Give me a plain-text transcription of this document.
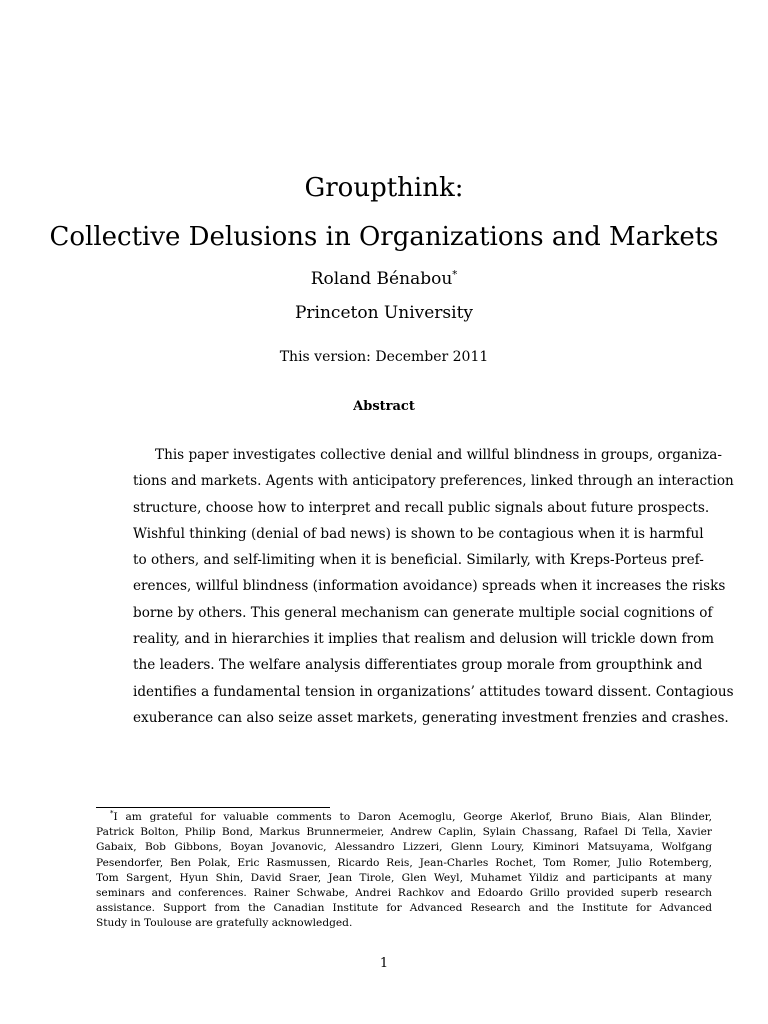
Groupthink:
Collective Delusions in Organizations and Markets
Roland Bénabou*
Princeton University
This version: December 2011
Abstract
This paper investigates collective denial and willful blindness in groups, organiza-
tions and markets. Agents with anticipatory preferences, linked through an interaction
structure, choose how to interpret and recall public signals about future prospects.
Wishful thinking (denial of bad news) is shown to be contagious when it is harmful
to others, and self-limiting when it is beneficial. Similarly, with Kreps-Porteus pref-
erences, willful blindness (information avoidance) spreads when it increases the risks
borne by others. This general mechanism can generate multiple social cognitions of
reality, and in hierarchies it implies that realism and delusion will trickle down from
the leaders. The welfare analysis differentiates group morale from groupthink and
identifies a fundamental tension in organizations’ attitudes toward dissent. Contagious
exuberance can also seize asset markets, generating investment frenzies and crashes.
*I am grateful for valuable comments to Daron Acemoglu, George Akerlof, Bruno Biais, Alan Blinder,
Patrick Bolton, Philip Bond, Markus Brunnermeier, Andrew Caplin, Sylain Chassang, Rafael Di Tella, Xavier
Gabaix, Bob Gibbons, Boyan Jovanovic, Alessandro Lizzeri, Glenn Loury, Kiminori Matsuyama, Wolfgang
Pesendorfer, Ben Polak, Eric Rasmussen, Ricardo Reis, Jean-Charles Rochet, Tom Romer, Julio Rotemberg,
Tom Sargent, Hyun Shin, David Sraer, Jean Tirole, Glen Weyl, Muhamet Yildiz and participants at many
seminars and conferences. Rainer Schwabe, Andrei Rachkov and Edoardo Grillo provided superb research
assistance. Support from the Canadian Institute for Advanced Research and the Institute for Advanced
Study in Toulouse are gratefully acknowledged.
1
